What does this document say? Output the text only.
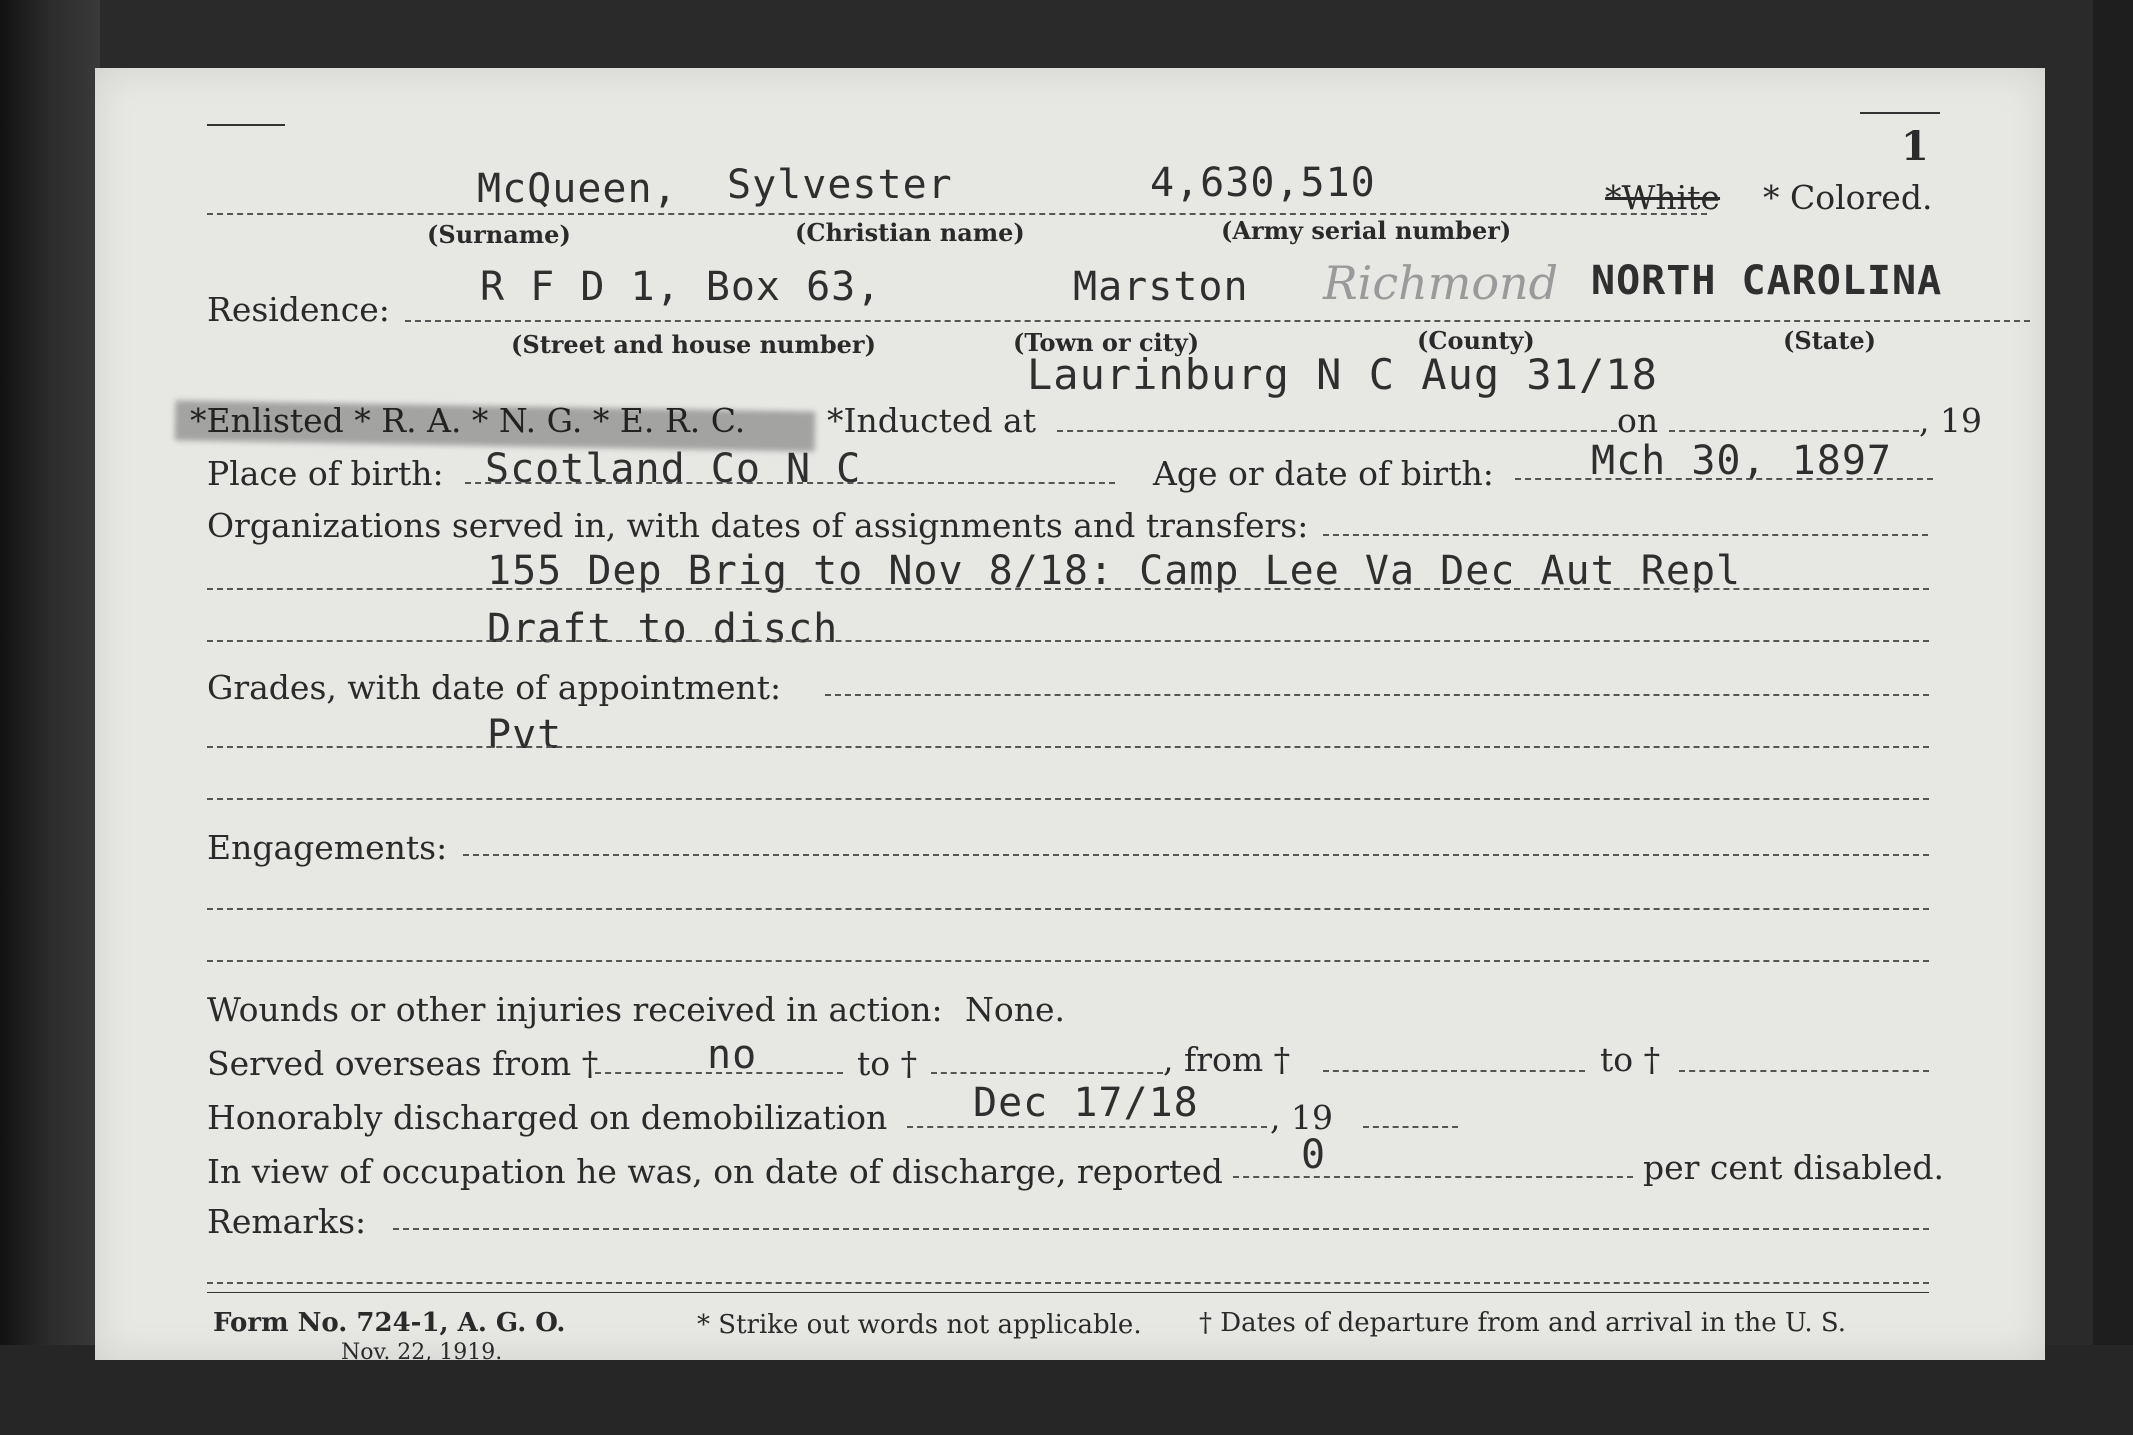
1
McQueen, Sylvester	4,630,510	*White * Colored.
(Surname)	(Christian name)	(Army serial number)
Residence: R F D 1, Box 63,	Marston Richmond NORTH CAROLINA
(Street and house number)	(Town or city)	(County)	(State)
Laurinburg N C Aug 31/18
*Enlisted * R. A. * N. G. * E. R. C. *Inducted at	on	, 19
Place of birth: Scotland Co N C	Age or date of birth: Mch 30, 1897
Organizations served in, with dates of assignments and transfers:
155 Dep Brig to Nov 8/18: Camp Lee Va Dec Aut Repl
Draft to disch
Grades, with date of appointment:
Pvt
Engagements:
Wounds or other injuries received in action: None.
Served overseas from †	no	to †	, from †	to †
Honorably discharged on demobilization Dec 17/18 , 19
In view of occupation he was, on date of discharge, reported 0	per cent disabled.
Remarks:
Form No. 724-1, A. G. O.
Nov. 22, 1919.
* Strike out words not applicable. † Dates of departure from and arrival in the U. S.
